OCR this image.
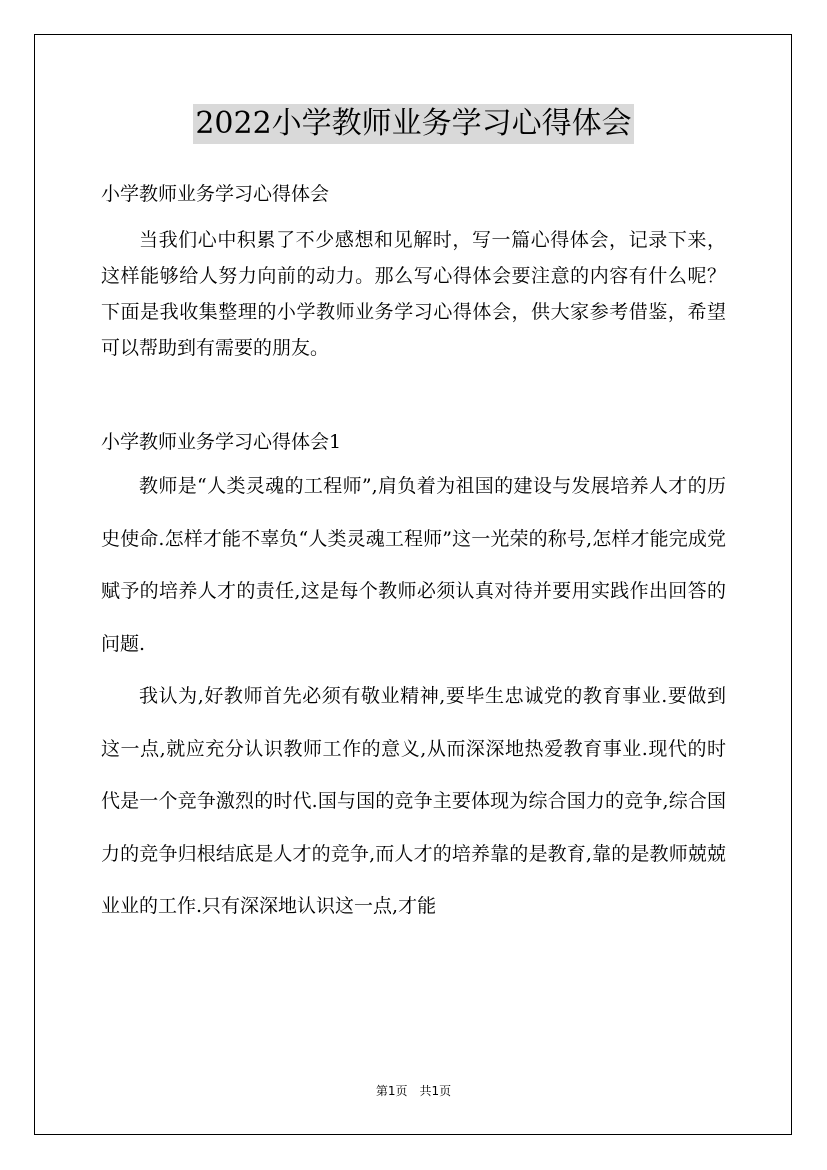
2022小学教师业务学习心得体会

小学教师业务学习心得体会

当我们心中积累了不少感想和见解时，写一篇心得体会，记录下来，这样能够给人努力向前的动力。那么写心得体会要注意的内容有什么呢？下面是我收集整理的小学教师业务学习心得体会，供大家参考借鉴，希望可以帮助到有需要的朋友。

小学教师业务学习心得体会1

教师是“人类灵魂的工程师”,肩负着为祖国的建设与发展培养人才的历史使命.怎样才能不辜负“人类灵魂工程师”这一光荣的称号,怎样才能完成党赋予的培养人才的责任,这是每个教师必须认真对待并要用实践作出回答的问题.

我认为,好教师首先必须有敬业精神,要毕生忠诚党的教育事业.要做到这一点,就应充分认识教师工作的意义,从而深深地热爱教育事业.现代的时代是一个竞争激烈的时代.国与国的竞争主要体现为综合国力的竞争,综合国力的竞争归根结底是人才的竞争,而人才的培养靠的是教育,靠的是教师兢兢业业的工作.只有深深地认识这一点,才能

第1页　共1页
